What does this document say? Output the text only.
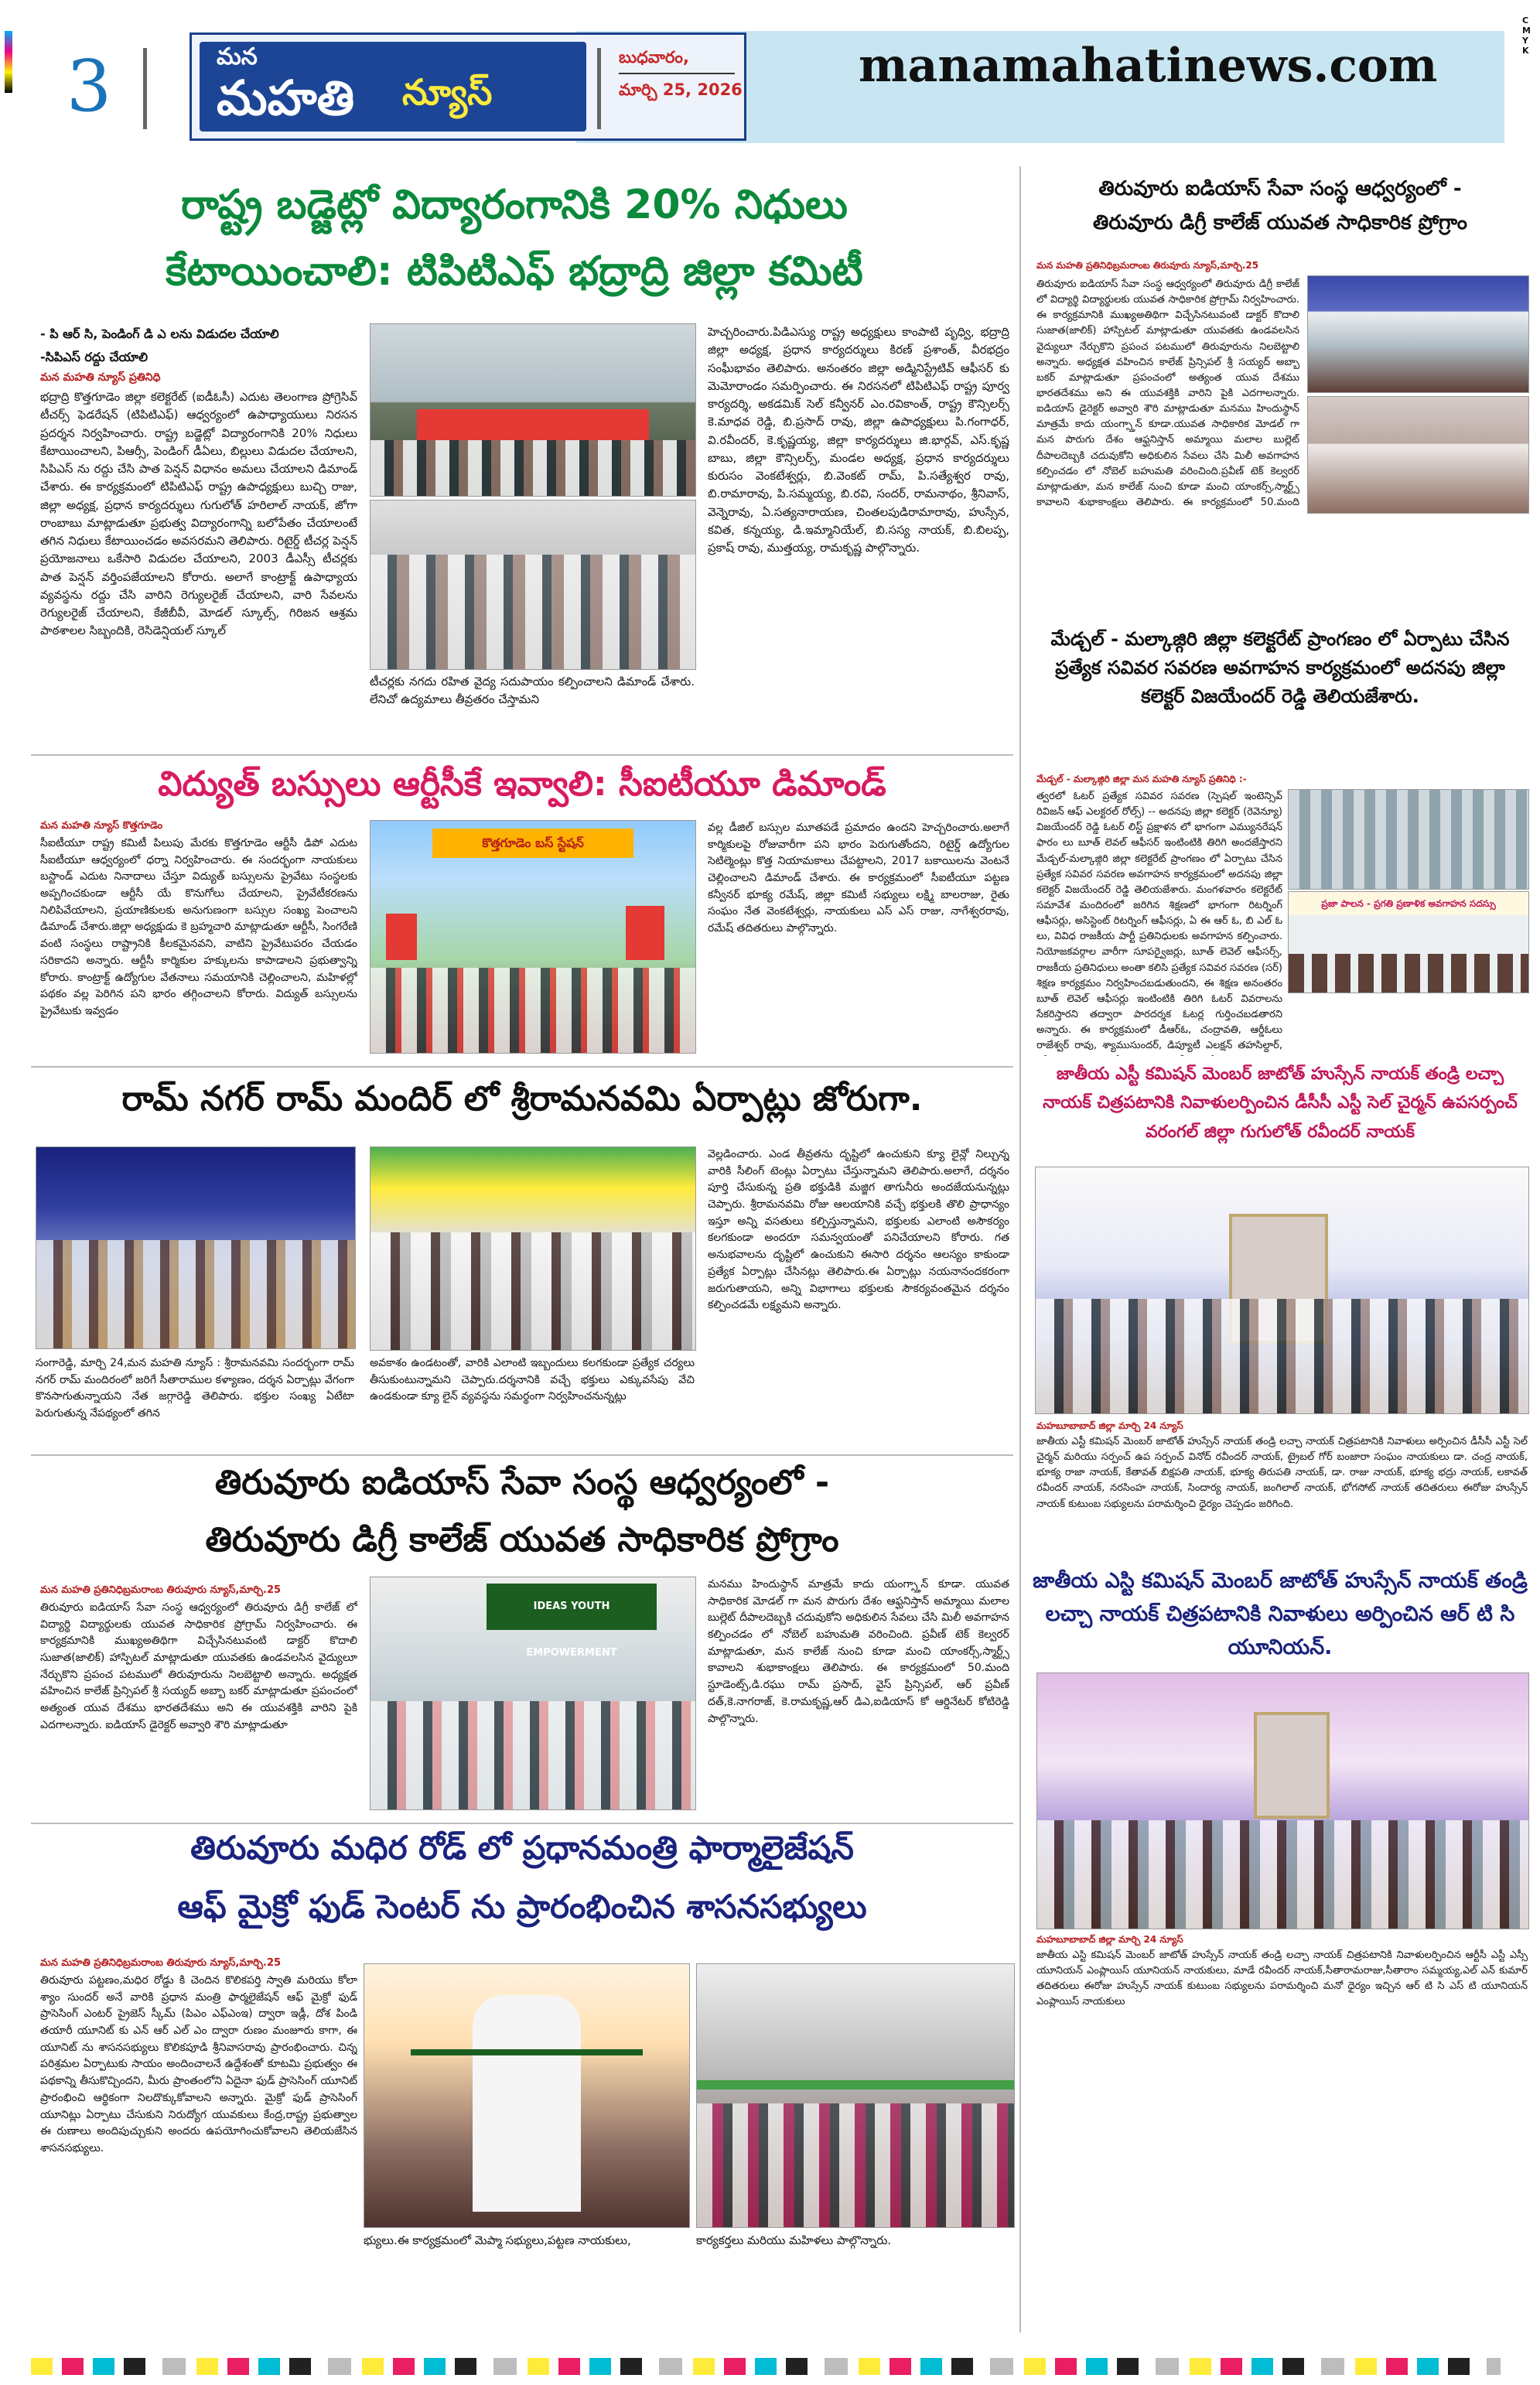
CMYK
3	మన
మహతి న్యూస్
బుధవారం,
మార్చి 25, 2026	manamahatinews.com
రాష్ట్ర బడ్జెట్లో విద్యారంగానికి 20% నిధులు
కేటాయించాలి: టిపిటిఎఫ్ భద్రాద్రి జిల్లా కమిటీ
- పి ఆర్ సి, పెండింగ్ డి ఎ లను విడుదల చేయాలి
-సిపిఎస్ రద్దు చేయాలి
మన మహతి న్యూస్ ప్రతినిధి
భద్రాద్రి కొత్తగూడెం జిల్లా కలెక్టరేట్ (ఐడీఓసీ) ఎదుట తెలంగాణ ప్రోగ్రెసివ్ టీచర్స్ ఫెడరేషన్ (టిపిటిఎఫ్) ఆధ్వర్యంలో ఉపాధ్యాయులు నిరసన ప్రదర్శన నిర్వహించారు. రాష్ట్ర బడ్జెట్లో విద్యారంగానికి 20% నిధులు కేటాయించాలని, పిఆర్సీ, పెండింగ్ డీఏలు, బిల్లులు విడుదల చేయాలని, సిపిఎస్ ను రద్దు చేసి పాత పెన్షన్ విధానం అమలు చేయాలని డిమాండ్ చేశారు. ఈ కార్యక్రమంలో టిపిటిఎఫ్ రాష్ట్ర ఉపాధ్యక్షులు బుచ్చి రాజు, జిల్లా అధ్యక్ష, ప్రధాన కార్యదర్శులు గుగులోత్ హరిలాల్ నాయక్, జోగా రాంబాబు మాట్లాడుతూ ప్రభుత్వ విద్యారంగాన్ని బలోపేతం చేయాలంటే తగిన నిధులు కేటాయించడం అవసరమని తెలిపారు. రిటైర్డ్ టీచర్ల పెన్షన్ ప్రయోజనాలు ఒకేసారి విడుదల చేయాలని, 2003 డీఎస్సీ టీచర్లకు పాత పెన్షన్ వర్తింపజేయాలని కోరారు. అలాగే కాంట్రాక్ట్ ఉపాధ్యాయ వ్యవస్థను రద్దు చేసి వారిని రెగ్యులరైజ్ చేయాలని, వారి సేవలను రెగ్యులరైజ్ చేయాలని, కేజీబీవీ, మోడల్ స్కూల్స్, గిరిజన ఆశ్రమ పాఠశాలల సిబ్బందికి, రెసిడెన్షియల్ స్కూల్
టీచర్లకు నగదు రహిత వైద్య సదుపాయం కల్పించాలని డిమాండ్ చేశారు. లేనిచో ఉద్యమాలు తీవ్రతరం చేస్తామని
హెచ్చరించారు.పిడిఎస్యు రాష్ట్ర అధ్యక్షులు కాంపాటి పృధ్వి, భద్రాద్రి జిల్లా అధ్యక్ష, ప్రధాన కార్యదర్శులు కిరణ్ ప్రశాంత్, వీరభద్రం సంఘీభావం తెలిపారు. అనంతరం జిల్లా అడ్మినిస్ట్రేటివ్ ఆఫీసర్ కు మెమోరాండం సమర్పించారు. ఈ నిరసనలో టిపిటిఎఫ్ రాష్ట్ర పూర్వ కార్యదర్శి, అకడమిక్ సెల్ కన్వీనర్ ఎం.రవికాంత్, రాష్ట్ర కౌన్సిలర్స్ కె.మాధవ రెడ్డి, బి.ప్రసాద్ రావు, జిల్లా ఉపాధ్యక్షులు పి.గంగాధర్, వి.రవీందర్, కె.కృష్ణయ్య, జిల్లా కార్యదర్శులు జి.భార్గవ్, ఎస్.కృష్ణ బాబు, జిల్లా కౌన్సిలర్స్, మండల అధ్యక్ష, ప్రధాన కార్యదర్శులు కురుసం వెంకటేశ్వర్లు, బి.వెంకట్ రామ్, పి.సత్యేశ్వర రావు, బి.రామారావు, పి.సమ్మయ్య, బి.రవి, సందర్, రామనాథం, శ్రీనివాస్, వెన్నెరావు, ఏ.సత్యనారాయణ, చింతలపుడిరామారావు, హుస్సేన, కవిత, కన్నయ్య, డి.ఇమ్మానియేల్, బి.సస్య నాయక్, బి.బిలప్ప, ప్రకాష్ రావు, ముత్తయ్య, రామకృష్ణ పాల్గొన్నారు.
తిరువూరు ఐడియాస్ సేవా సంస్థ ఆధ్వర్యంలో -
తిరువూరు డిగ్రీ కాలేజ్ యువత సాధికారిక ప్రోగ్రాం
మన మహతి ప్రతినిధిబ్రమరాంబ తిరువూరు న్యూస్,మార్చి.25
తిరువూరు ఐడియాస్ సేవా సంస్థ ఆధ్వర్యంలో తిరువూరు డిగ్రీ కాలేజ్ లో విద్యార్థి విద్యార్థులకు యువత సాధికారిక ప్రోగ్రామ్ నిర్వహించారు. ఈ కార్యక్రమానికి ముఖ్యఅతిథిగా విచ్చేసినటువంటి డాక్టర్ కొదాలి సుజాత(జాలిక్) హాస్పిటల్ మాట్లాడుతూ యువతకు ఉండవలసిన వైద్యులూ నేర్చుకొని ప్రపంచ పటములో తిరువూరును నిలబెట్టాలి అన్నారు. అధ్యక్షత వహించిన కాలేజ్ ప్రిన్సిపల్ శ్రీ సయ్యద్ అబ్బా బకర్ మాట్లాడుతూ ప్రపంచంలో అత్యంత యువ దేశము భారతదేశము అని ఈ యువశక్తికి వారిని పైకి ఎదగాలన్నారు. ఐడియాస్ డైరెక్టర్ అవ్వారి శౌరి మాట్లాడుతూ మనము హిందుస్థాన్ మాత్రమే కాదు యంగ్స్తాన్ కూడా.యువత సాధికారిక మోడల్ గా మన పొరుగు దేశం ఆఫ్ఘనిస్తాన్ అమ్మాయి మలాల బుల్లెట్ దీపాలదెబ్బకి చదువుకోని అధికులిన సేవలు చేసి మిలీ అవగాహన కల్పించడం లో నోబెల్ బహుమతి వరించింది.ప్రవీణ్ టెక్ కెల్వరర్ మాట్లాడుతూ, మన కాలేజ్ నుంచి కూడా మంచి యాంకర్స్,స్మార్ట్స్ కావాలని శుభాకాంక్షలు తెలిపారు. ఈ కార్యక్రమంలో 50.మంది
మేడ్చల్ - మల్కాజ్గిరి జిల్లా కలెక్టరేట్ ప్రాంగణం లో ఏర్పాటు చేసిన ప్రత్యేక సవివర సవరణ అవగాహన కార్యక్రమంలో అదనపు జిల్లా కలెక్టర్ విజయేందర్ రెడ్డి తెలియజేశారు.
మేడ్చల్ - మల్కాజ్గిరి జిల్లా మన మహతి న్యూస్ ప్రతినిధి :-
ప్రజా పాలన - ప్రగతి ప్రణాళిక అవగాహన సదస్సు
త్వరలో ఓటర్ ప్రత్యేక సవివర సవరణ (స్పెషల్ ఇంటెన్సివ్ రివిజన్ ఆఫ్ ఎలక్టరల్ రోల్స్) -- అదనపు జిల్లా కలెక్టర్ (రెవెన్యూ) విజయేందర్ రెడ్డి ఓటర్ లిస్ట్ ప్రక్షాళన లో భాగంగా ఎమ్యునరేషన్ ఫారం లు బూత్ లెవల్ ఆఫీసర్ ఇంటింటికి తిరిగి అందజేస్తారని మేడ్చల్-మల్కాజ్గిరి జిల్లా కలెక్టరేట్ ప్రాంగణం లో ఏర్పాటు చేసిన ప్రత్యేక సవివర సవరణ అవగాహన కార్యక్రమంలో అదనపు జిల్లా కలెక్టర్ విజయేందర్ రెడ్డి తెలియజేశారు. మంగళవారం కలెక్టరేట్ సమావేశ మందిరంలో జరిగిన శిక్షణలో భాగంగా రిటర్నింగ్ ఆఫీసర్లు, అసిస్టెంట్ రిటర్నింగ్ ఆఫీసర్లు, ఏ ఈ ఆర్ ఓ, బి ఎల్ ఓ లు, వివిధ రాజకీయ పార్టీ ప్రతినిధులకు అవగాహన కల్పించారు. నియోజకవర్గాల వారీగా సూపర్వైజర్లు, బూత్ లెవెల్ ఆఫీసర్స్, రాజకీయ ప్రతినిధులు అంతా కలిసి ప్రత్యేక సవివర సవరణ (సర్) శిక్షణ కార్యక్రమం నిర్వహించబడుతుందని, ఈ శిక్షణ అనంతరం బూత్ లెవెల్ ఆఫీసర్లు ఇంటింటికి తిరిగి ఓటర్ వివరాలను సేకరిస్తారని తద్వారా పారదర్శక ఓటర్ల గుర్తించబడతారని అన్నారు. ఈ కార్యక్రమంలో డీఆర్ఓ, చంద్రావతి, ఆర్డీఓలు రాజేశ్వర్ రావు, శ్యాముసుందర్, డిప్యూటీ ఎలక్షన్ తహసిల్దార్,
విద్యుత్ బస్సులు ఆర్టీసీకే ఇవ్వాలి: సీఐటీయూ డిమాండ్
మన మహతి న్యూస్ కొత్తగూడెం
సీఐటీయూ రాష్ట్ర కమిటీ పిలుపు మేరకు కొత్తగూడెం ఆర్టీసీ డిపో ఎదుట సీఐటీయూ ఆధ్వర్యంలో ధర్నా నిర్వహించారు. ఈ సందర్భంగా నాయకులు బస్టాండ్ ఎదుట నినాదాలు చేస్తూ విద్యుత్ బస్సులను ప్రైవేటు సంస్థలకు అప్పగించకుండా ఆర్టీసీ యే కొనుగోలు చేయాలని, ప్రైవేటీకరణను నిలిపివేయాలని, ప్రయాణికులకు అనుగుణంగా బస్సుల సంఖ్య పెంచాలని డిమాండ్ చేశారు.జిల్లా అధ్యక్షుడు కె బ్రహ్మచారి మాట్లాడుతూ ఆర్టీసీ, సింగరేణి వంటి సంస్థలు రాష్ట్రానికి కీలకమైనవని, వాటిని ప్రైవేటుపరం చేయడం సరికాదని అన్నారు. ఆర్టీసీ కార్మికుల హక్కులను కాపాడాలని ప్రభుత్వాన్ని కోరారు. కాంట్రాక్ట్ ఉద్యోగుల వేతనాలు సమయానికి చెల్లించాలని, మహిళల్లో పథకం వల్ల పెరిగిన పని భారం తగ్గించాలని కోరారు. విద్యుత్ బస్సులను ప్రైవేటుకు ఇవ్వడం
కొత్తగూడెం బస్ స్టేషన్
వల్ల డీజిల్ బస్సుల మూతపడే ప్రమాదం ఉందని హెచ్చరించారు.అలాగే కార్మికులపై రోజువారీగా పని భారం పెరుగుతోందని, రిటైర్డ్ ఉద్యోగుల సెటిల్మెంట్లు కొత్త నియామకాలు చేపట్టాలని, 2017 బకాయిలను వెంటనే చెల్లించాలని డిమాండ్ చేశారు. ఈ కార్యక్రమంలో సీఐటీయూ పట్టణ కన్వీనర్ భూక్య రమేష్, జిల్లా కమిటీ సభ్యులు లక్ష్మి బాలరాజు, రైతు సంఘం నేత వెంకటేశ్వర్లు, నాయకులు ఎస్ ఎస్ రాజు, నాగేశ్వరరావు, రమేష్ తదితరులు పాల్గొన్నారు.
రామ్ నగర్ రామ్ మందిర్ లో శ్రీరామనవమి ఏర్పాట్లు జోరుగా.
వెల్లడించారు. ఎండ తీవ్రతను దృష్టిలో ఉంచుకుని క్యూ లైన్లో నిల్చున్న వారికి సీలింగ్ టెంట్లు ఏర్పాటు చేస్తున్నామని తెలిపారు.అలాగే, దర్శనం పూర్తి చేసుకున్న ప్రతి భక్తుడికి మజ్జిగ తాగునీరు అందజేయనున్నట్లు చెప్పారు. శ్రీరామనవమి రోజు ఆలయానికి వచ్చే భక్తులకి తొలి ప్రాధాన్యం ఇస్తూ అన్ని వసతులు కల్పిస్తున్నామని, భక్తులకు ఎలాంటి అసౌకర్యం కలగకుండా అందరూ సమన్వయంతో పనిచేయాలని కోరారు. గత అనుభవాలను దృష్టిలో ఉంచుకుని ఈసారి దర్శనం ఆలస్యం కాకుండా ప్రత్యేక ఏర్పాట్లు చేసినట్లు తెలిపారు.ఈ ఏర్పాట్లు నయనానందకరంగా జరుగుతాయని, అన్ని విభాగాలు భక్తులకు సౌకర్యవంతమైన దర్శనం కల్పించడమే లక్ష్యమని అన్నారు.
సంగారెడ్డి, మార్చి 24,మన మహతి న్యూస్ : శ్రీరామనవమి సందర్భంగా రామ్ నగర్ రామ్ మందిరంలో జరిగే సీతారాముల కళ్యాణం, దర్శన ఏర్పాట్లు వేగంగా కొనసాగుతున్నాయని నేత జగ్గారెడ్డి తెలిపారు. భక్తుల సంఖ్య ఏటేటా పెరుగుతున్న నేపథ్యంలో తగిన
అవకాశం ఉండటంతో, వారికి ఎలాంటి ఇబ్బందులు కలగకుండా ప్రత్యేక చర్యలు తీసుకుంటున్నామని చెప్పారు.దర్శనానికి వచ్చే భక్తులు ఎక్కువసేపు వేచి ఉండకుండా క్యూ లైన్ వ్యవస్థను సమర్థంగా నిర్వహించనున్నట్లు
జాతీయ ఎస్టీ కమిషన్ మెంబర్ జాటోత్ హుస్సేన్ నాయక్ తండ్రి లచ్చా నాయక్ చిత్రపటానికి నివాళులర్పించిన డీసీసీ ఎస్టీ సెల్ చైర్మన్ ఉపసర్పంచ్ వరంగల్ జిల్లా గుగులోత్ రవీందర్ నాయక్
మహబూబాబాద్ జిల్లా మార్చి 24 న్యూస్
జాతీయ ఎస్టీ కమిషన్ మెంబర్ జాటోత్ హుస్సేన్ నాయక్ తండ్రి లచ్చా నాయక్ చిత్రపటానికి నివాళులు అర్పించిన డీసీసీ ఎస్టీ సెల్ చైర్మన్ మరియు సర్పంచ్ ఉప సర్పంచ్ వినోద్ రవీందర్ నాయక్, ట్రైబల్ గోర్ బంజారా సంఘం నాయకులు డా. చంద్ర నాయక్, భూక్య రాజా నాయక్, కేతావత్ బిక్షపతి నాయక్, భూక్య తిరుపతి నాయక్, డా. రాజు నాయక్, భూక్య భద్రు నాయక్, లకావత్ రవీందర్ నాయక్, నరసింహ నాయక్, సిందార్య నాయక్, జంగిలాల్ నాయక్, భోగసోట్ నాయక్ తదితరులు ఈరోజు హుస్సేన్ నాయక్ కుటుంబ సభ్యులను పరామర్శించి ధైర్యం చెప్పడం జరిగింది.
జాతీయ ఎస్టి కమిషన్ మెంబర్ జాటోత్ హుస్సేన్ నాయక్ తండ్రి లచ్చా నాయక్ చిత్రపటానికి నివాళులు అర్పించిన ఆర్ టి సి యూనియన్.
మహబూబాబాద్ జిల్లా మార్చి 24 న్యూస్
జాతీయ ఎస్టి కమిషన్ మెంబర్ జాటోత్ హుస్సేన్ నాయక్ తండ్రి లచ్చా నాయక్ చిత్రపటానికి నివాళులర్పించిన ఆర్టీసీ ఎస్టీ ఎస్సీ యూనియన్ ఎంప్లాయిస్ యూనియన్ నాయకులు, మాడే రవీందర్ నాయక్,సీతారామరాజు,సీతారాం సమ్మయ్య,ఎల్ ఎన్ కుమార్ తదితరులు ఈరోజు హుస్సేన్ నాయక్ కుటుంబ సభ్యులను పరామర్శించి మనో ధైర్యం ఇచ్చిన ఆర్ టి సి ఎస్ టి యూనియన్ ఎంప్లాయిస్ నాయకులు
తిరువూరు ఐడియాస్ సేవా సంస్థ ఆధ్వర్యంలో -
తిరువూరు డిగ్రీ కాలేజ్ యువత సాధికారిక ప్రోగ్రాం
మన మహతి ప్రతినిధిబ్రమరాంబ తిరువూరు న్యూస్,మార్చి.25
తిరువూరు ఐడియాస్ సేవా సంస్థ ఆధ్వర్యంలో తిరువూరు డిగ్రీ కాలేజ్ లో విద్యార్థి విద్యార్థులకు యువత సాధికారిక ప్రోగ్రామ్ నిర్వహించారు. ఈ కార్యక్రమానికి ముఖ్యఅతిథిగా విచ్చేసినటువంటి డాక్టర్ కొదాలి సుజాత(జాలిక్) హాస్పిటల్ మాట్లాడుతూ యువతకు ఉండవలసిన వైద్యులూ నేర్చుకొని ప్రపంచ పటములో తిరువూరును నిలబెట్టాలి అన్నారు. అధ్యక్షత వహించిన కాలేజ్ ప్రిన్సిపల్ శ్రీ సయ్యద్ అబ్బా బకర్ మాట్లాడుతూ ప్రపంచంలో అత్యంత యువ దేశము భారతదేశము అని ఈ యువశక్తికి వారిని పైకి ఎదగాలన్నారు. ఐడియాస్ డైరెక్టర్ అవ్వారి శౌరి మాట్లాడుతూ
IDEAS YOUTH EMPOWERMENT
మనము హిందుస్థాన్ మాత్రమే కాదు యంగ్స్తాన్ కూడా. యువత సాధికారిక మోడల్ గా మన పొరుగు దేశం ఆఫ్ఘనిస్తాన్ అమ్మాయి మలాల బుల్లెట్ దీపాలదెబ్బకి చదువుకోని అధికులిన సేవలు చేసి మిలీ అవగాహన కల్పించడం లో నోబెల్ బహుమతి వరించింది. ప్రవీణ్ టెక్ కెల్వరర్ మాట్లాడుతూ, మన కాలేజ్ నుంచి కూడా మంచి యాంకర్స్,స్మార్ట్స్ కావాలని శుభాకాంక్షలు తెలిపారు. ఈ కార్యక్రమంలో 50.మంది స్టూడెంట్స్,డి.రఘు రామ్ ప్రసాద్, వైస్ ప్రిన్సిపల్, ఆర్ ప్రవీణ్ దత్,కె.నాగరాజ్, కె.రామకృష్ణ,ఆర్ డిఎ,ఐడియాస్ కో ఆర్డినేటర్ కోటిరెడ్డి పాల్గొన్నారు.
తిరువూరు మధిర రోడ్ లో ప్రధానమంత్రి ఫార్మాలైజేషన్
ఆఫ్ మైక్రో ఫుడ్ సెంటర్ ను ప్రారంభించిన శాసనసభ్యులు
మన మహతి ప్రతినిధిబ్రమరాంబ తిరువూరు న్యూస్,మార్చి.25
తిరువూరు పట్టణం,మధిర రోడ్డు కి చెందిన కొలికపర్తి స్వాతి మరియు కోలా శ్యాం సుందర్ అనే వారికి ప్రధాన మంత్రి ఫార్మలైజేషన్ ఆఫ్ మైక్రో ఫుడ్ ప్రాసెసింగ్ ఎంటర్ ప్రైజెస్ స్కీమ్ (పిఎం ఎఫ్ఎంఇ) ద్వారా ఇడ్లీ, దోశ పిండి తయారీ యూనిట్ కు ఎన్ ఆర్ ఎల్ ఎం ద్వారా రుణం మంజూరు కాగా, ఈ యూనిట్ ను శాసనసభ్యులు కొలికపూడి శ్రీనివాసరావు ప్రారంభించారు. చిన్న పరిశ్రమల ఏర్పాటుకు సాయం అందించాలనే ఉద్దేశంతో కూటమి ప్రభుత్వం ఈ పథకాన్ని తీసుకొచ్చిందని, మీరు ప్రాంతంలోని ఏదైనా ఫుడ్ ప్రాసెసింగ్ యూనిట్ ప్రారంభించి ఆర్థికంగా నిలదొక్కుకోవాలని అన్నారు. మైక్రో ఫుడ్ ప్రాసెసింగ్ యూనిట్లు ఏర్పాటు చేసుకుని నిరుద్యోగ యువకులు కేంద్ర,రాష్ట్ర ప్రభుత్వాల ఈ రుణాలు అందిపుచ్చుకుని అందరు ఉపయోగించుకోవాలని తెలియజేసిన శాసనసభ్యులు.
భ్యులు.ఈ కార్యక్రమంలో మెప్మా సభ్యులు,పట్టణ నాయకులు,	కార్యకర్తలు మరియు మహిళలు పాల్గొన్నారు.
